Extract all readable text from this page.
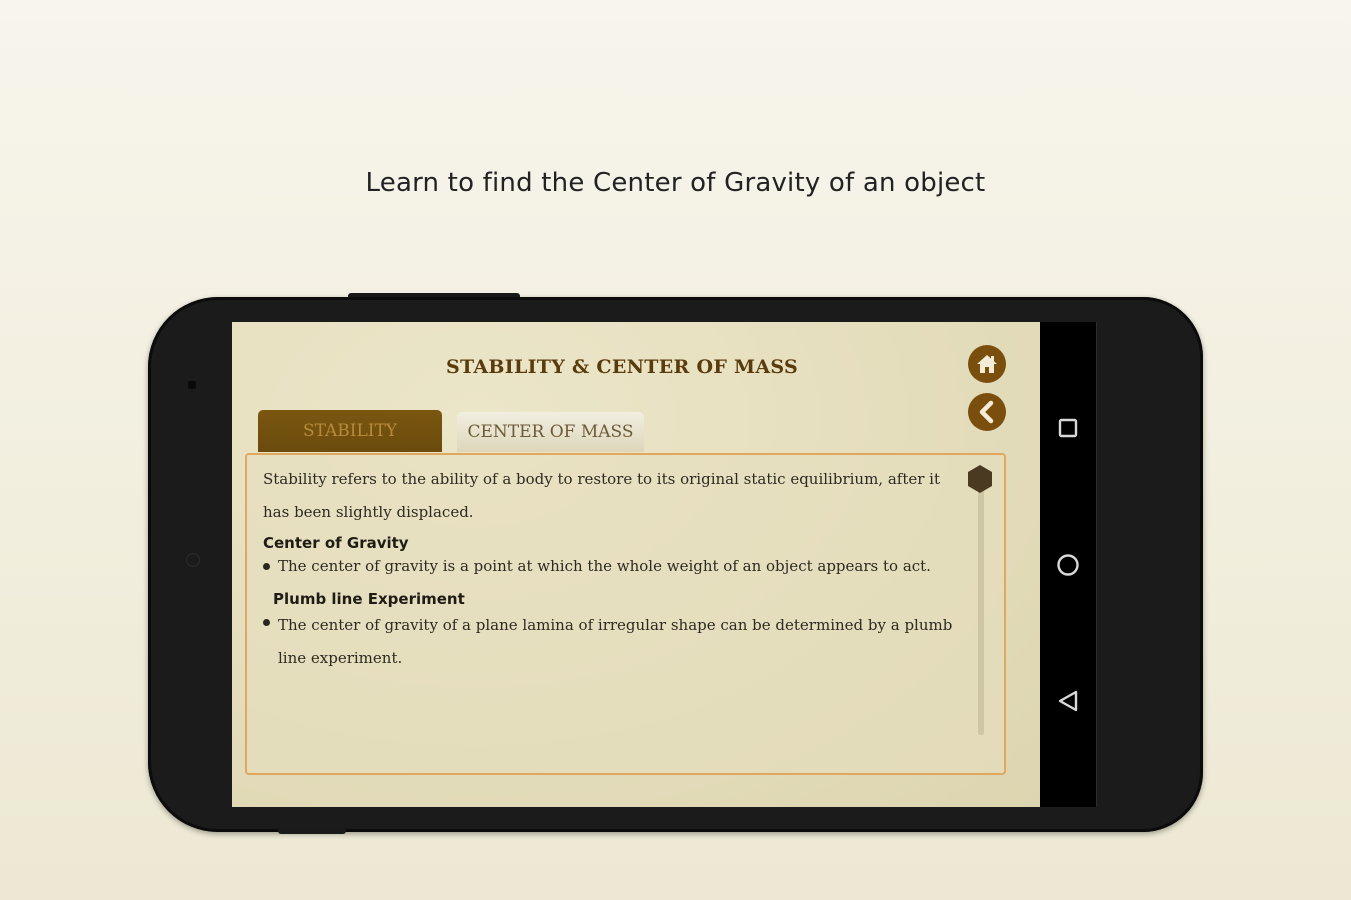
Learn to find the Center of Gravity of an object
STABILITY & CENTER OF MASS
STABILITY	CENTER OF MASS

Stability refers to the ability of a body to restore to its original static equilibrium, after it has been slightly displaced.

Center of Gravity

The center of gravity is a point at which the whole weight of an object appears to act.

Plumb line Experiment

The center of gravity of a plane lamina of irregular shape can be determined by a plumb line experiment.
